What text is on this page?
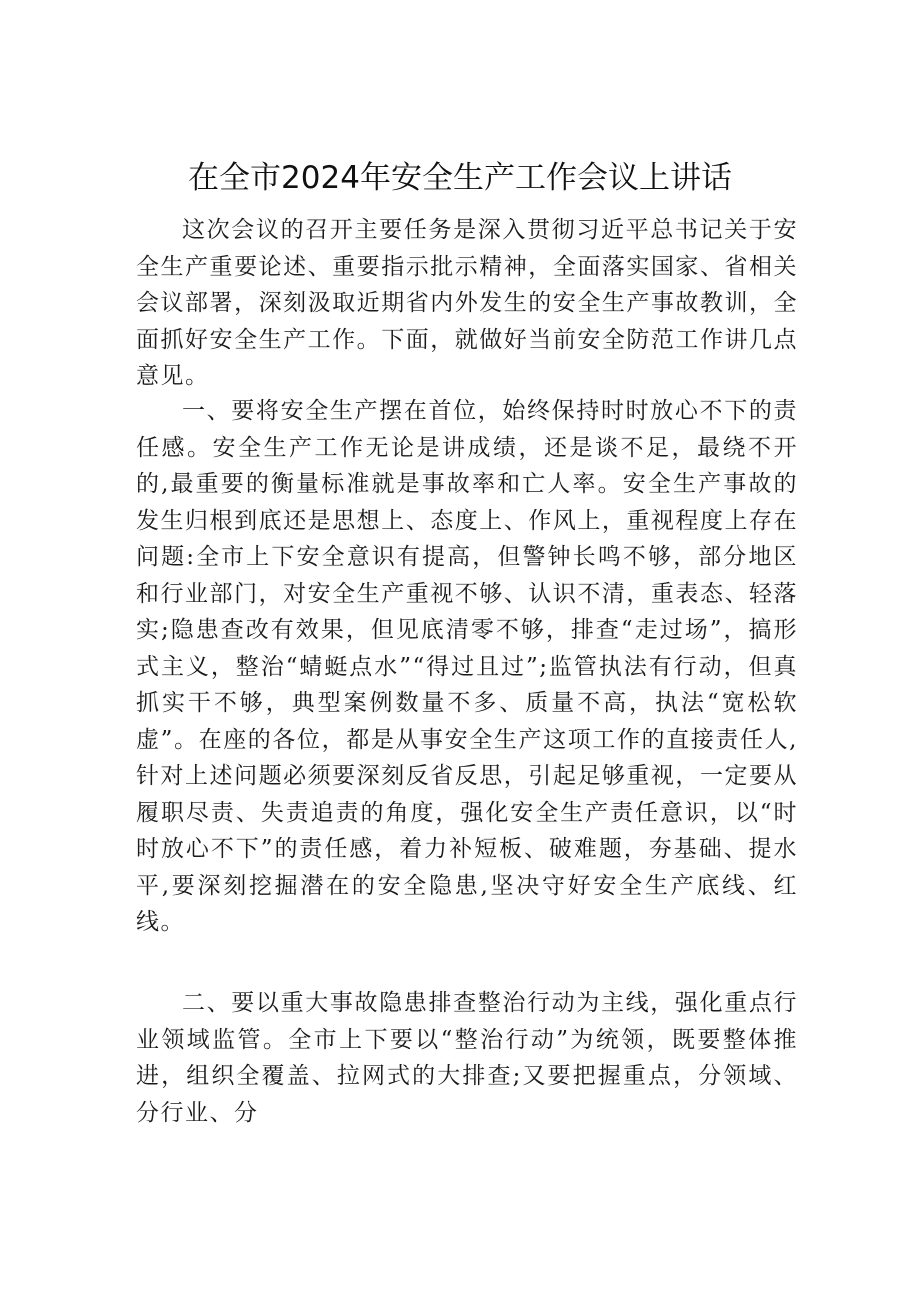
在全市2024年安全生产工作会议上讲话

这次会议的召开主要任务是深入贯彻习近平总书记关于安全生产重要论述、重要指示批示精神，全面落实国家、省相关会议部署，深刻汲取近期省内外发生的安全生产事故教训，全面抓好安全生产工作。下面，就做好当前安全防范工作讲几点意见。

一、要将安全生产摆在首位，始终保持时时放心不下的责任感。安全生产工作无论是讲成绩，还是谈不足，最绕不开的,最重要的衡量标准就是事故率和亡人率。安全生产事故的发生归根到底还是思想上、态度上、作风上，重视程度上存在问题:全市上下安全意识有提高，但警钟长鸣不够，部分地区和行业部门，对安全生产重视不够、认识不清，重表态、轻落实;隐患查改有效果，但见底清零不够，排查“走过场”，搞形式主义，整治“蜻蜓点水”“得过且过”;监管执法有行动，但真抓实干不够，典型案例数量不多、质量不高，执法“宽松软虚”。在座的各位，都是从事安全生产这项工作的直接责任人,针对上述问题必须要深刻反省反思，引起足够重视，一定要从履职尽责、失责追责的角度，强化安全生产责任意识，以“时时放心不下”的责任感，着力补短板、破难题，夯基础、提水平,要深刻挖掘潜在的安全隐患,坚决守好安全生产底线、红线。

二、要以重大事故隐患排查整治行动为主线，强化重点行业领域监管。全市上下要以“整治行动”为统领，既要整体推进，组织全覆盖、拉网式的大排查;又要把握重点，分领域、分行业、分
